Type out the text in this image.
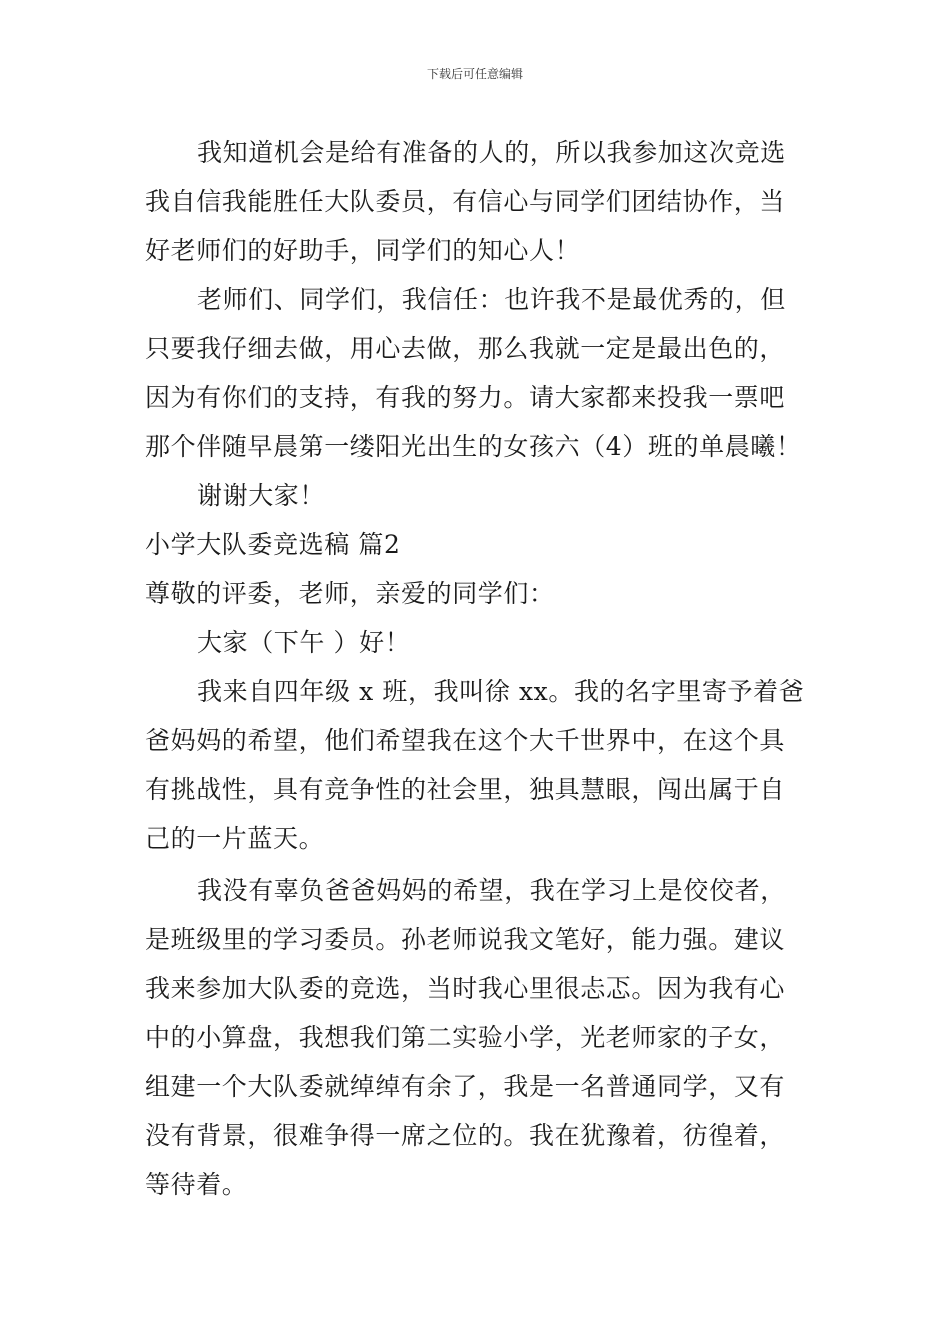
下载后可任意编辑
我知道机会是给有准备的人的，所以我参加这次竞选
我自信我能胜任大队委员，有信心与同学们团结协作，当
好老师们的好助手，同学们的知心人！
老师们、同学们，我信任：也许我不是最优秀的，但
只要我仔细去做，用心去做，那么我就一定是最出色的，
因为有你们的支持，有我的努力。请大家都来投我一票吧
那个伴随早晨第一缕阳光出生的女孩六（4）班的单晨曦！
谢谢大家！
小学大队委竞选稿 篇2
尊敬的评委，老师，亲爱的同学们：
大家（下午 ）好！
我来自四年级 x 班，我叫徐 xx。我的名字里寄予着爸
爸妈妈的希望，他们希望我在这个大千世界中，在这个具
有挑战性，具有竞争性的社会里，独具慧眼，闯出属于自
己的一片蓝天。
我没有辜负爸爸妈妈的希望，我在学习上是佼佼者，
是班级里的学习委员。孙老师说我文笔好，能力强。建议
我来参加大队委的竞选，当时我心里很忐忑。因为我有心
中的小算盘，我想我们第二实验小学，光老师家的子女，
组建一个大队委就绰绰有余了，我是一名普通同学，又有
没有背景，很难争得一席之位的。我在犹豫着，彷徨着，
等待着。
